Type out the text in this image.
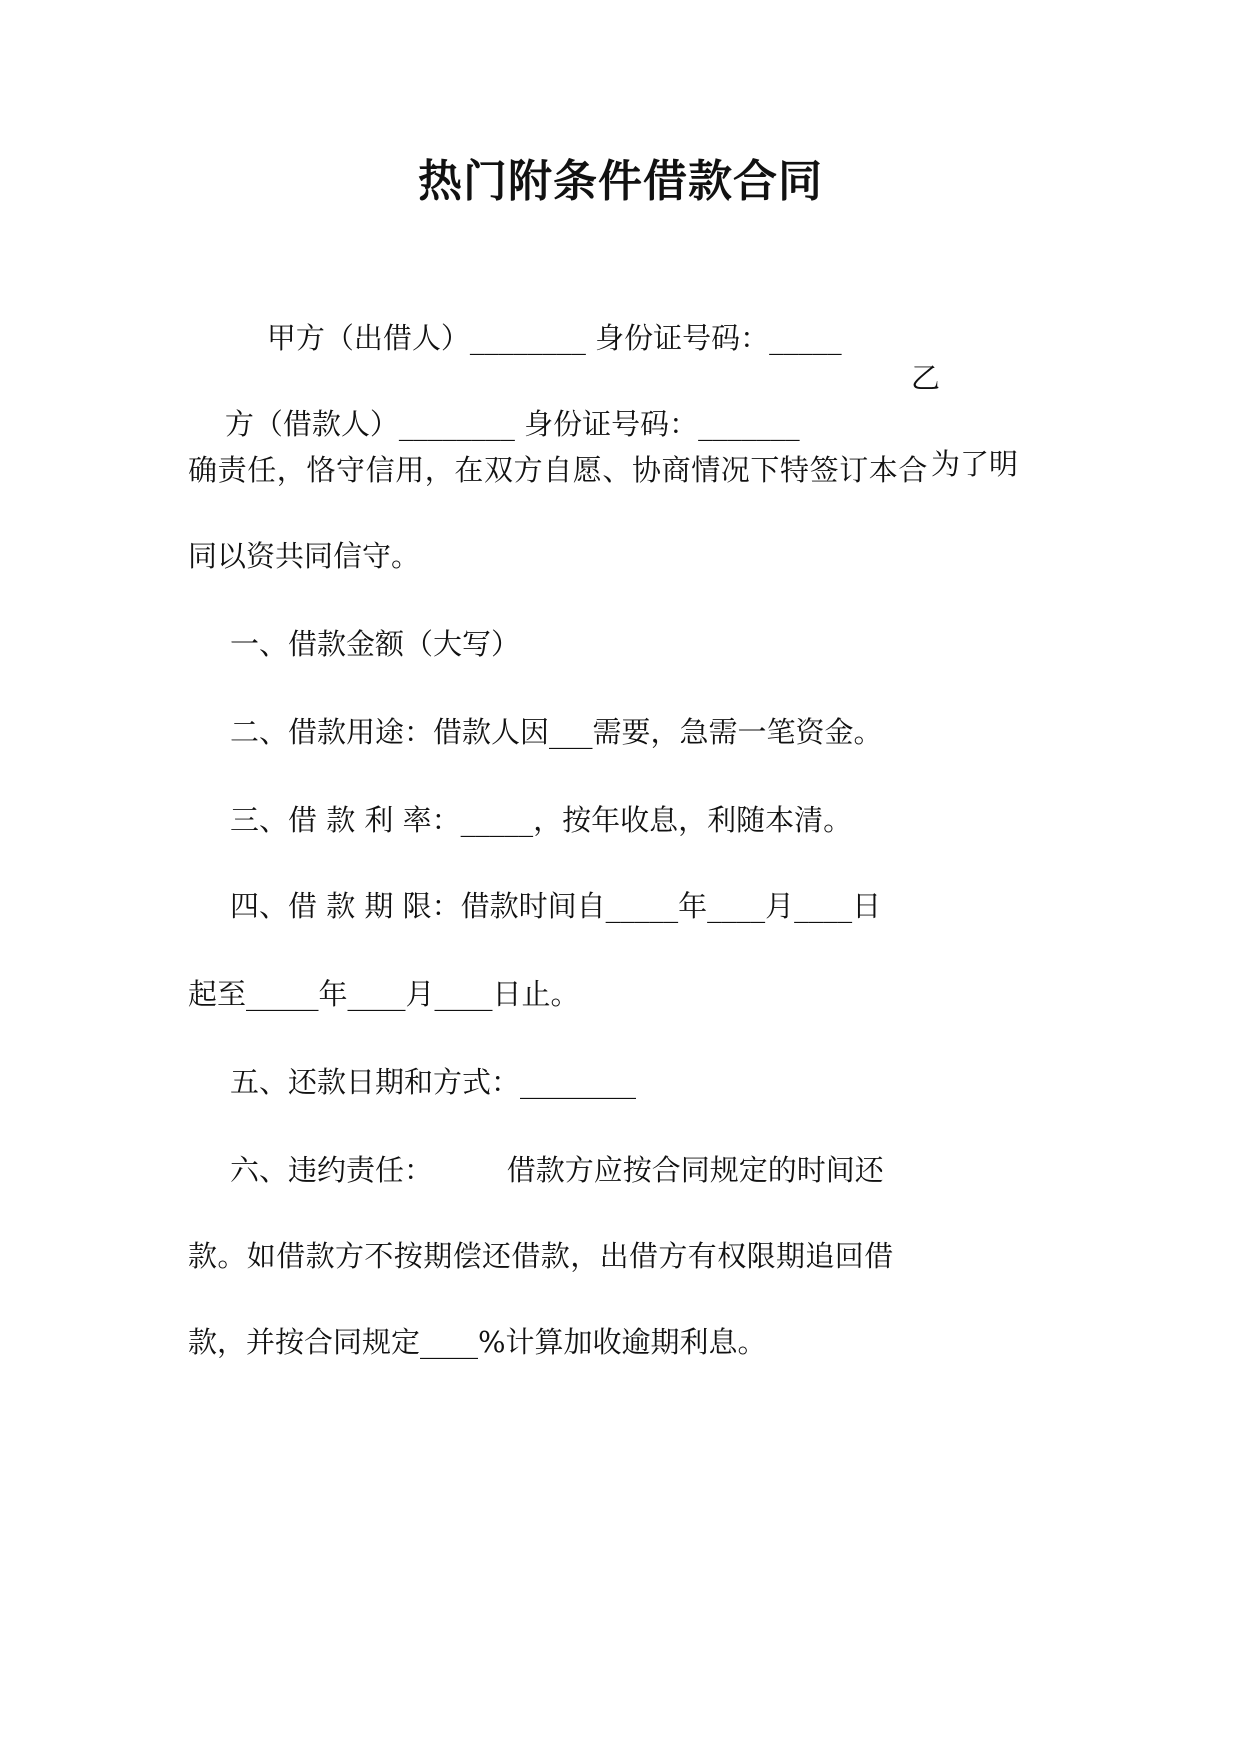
热门附条件借款合同

甲方（出借人）________ 身份证号码：_____

乙

方（借款人）________ 身份证号码：_______

为了明

确责任，恪守信用，在双方自愿、协商情况下特签订本合
同以资共同信守。
一、借款金额（大写）
二、借款用途：借款人因___需要，急需一笔资金。
三、借 款 利 率：_____，按年收息，利随本清。
四、借 款 期 限：借款时间自_____年____月____日
起至_____年____月____日止。
五、还款日期和方式：________
六、违约责任：        借款方应按合同规定的时间还
款。如借款方不按期偿还借款，出借方有权限期追回借
款，并按合同规定____%计算加收逾期利息。
